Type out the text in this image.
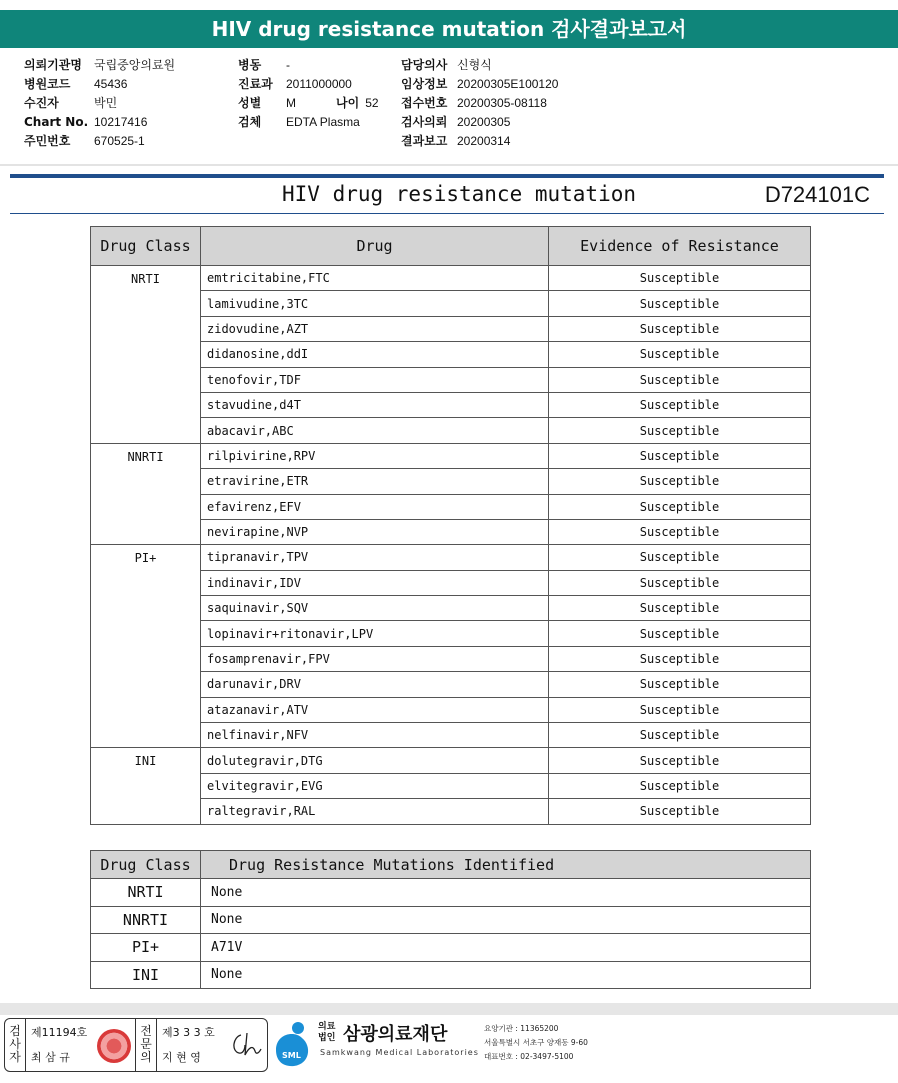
HIV drug resistance mutation 검사결과보고서
의뢰기관명 국립중앙의료원
병원코드 45436
수진자	박민
Chart No. 10217416
주민번호 670525-1
병동 -
진료과 2011000000
성별 M	나이 52
검체 EDTA Plasma
담당의사 신형식
임상정보 20200305E100120
접수번호 20200305-08118
검사의뢰 20200305
결과보고 20200314
HIV drug resistance mutation	D724101C
Drug Class	Drug	Evidence of Resistance
NRTI	emtricitabine,FTC	Susceptible
	lamivudine,3TC	Susceptible
	zidovudine,AZT	Susceptible
	didanosine,ddI	Susceptible
	tenofovir,TDF	Susceptible
	stavudine,d4T	Susceptible
	abacavir,ABC	Susceptible
NNRTI	rilpivirine,RPV	Susceptible
	etravirine,ETR	Susceptible
	efavirenz,EFV	Susceptible
	nevirapine,NVP	Susceptible
PI+	tipranavir,TPV	Susceptible
	indinavir,IDV	Susceptible
	saquinavir,SQV	Susceptible
	lopinavir+ritonavir,LPV	Susceptible
	fosamprenavir,FPV	Susceptible
	darunavir,DRV	Susceptible
	atazanavir,ATV	Susceptible
	nelfinavir,NFV	Susceptible
INI	dolutegravir,DTG	Susceptible
	elvitegravir,EVG	Susceptible
	raltegravir,RAL	Susceptible
Drug Class	Drug Resistance Mutations Identified
NRTI	None
NNRTI	None
PI+	A71V
INI	None
검사자
제11194호
최 삼 규
전문의
제3 3 3 호
지 현 영	SML
의료
법인 삼광의료재단
Samkwang Medical Laboratories
요양기관 : 11365200
서울특별시 서초구 양재동 9-60
대표번호 : 02-3497-5100
